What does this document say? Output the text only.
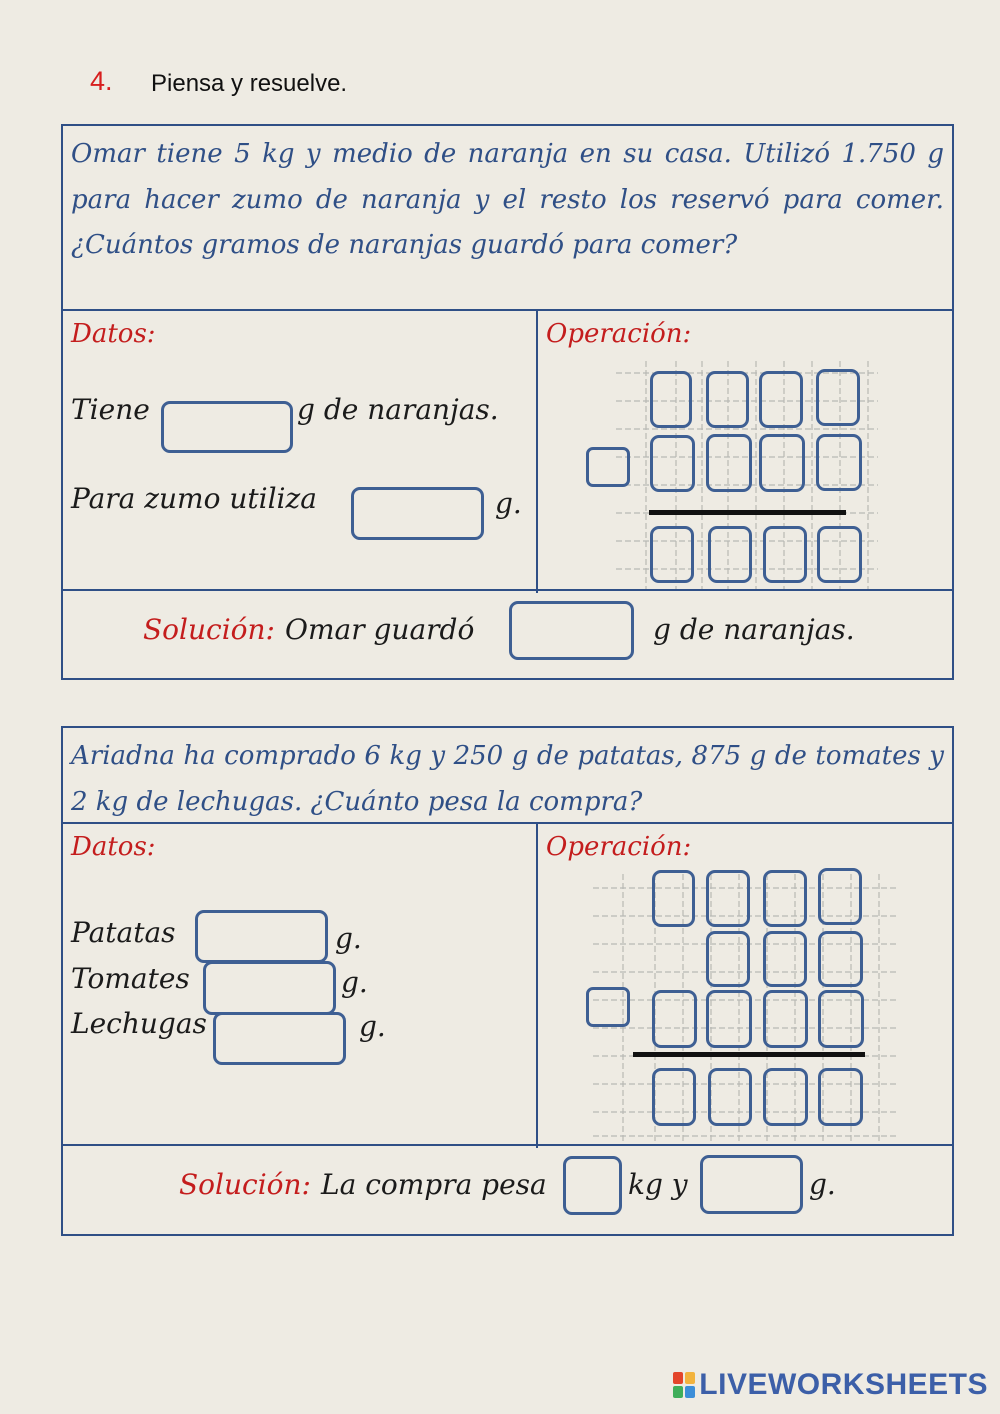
4. Piensa y resuelve.
Omar tiene 5 kg y medio de naranja en su casa. Utilizó 1.750 g para hacer zumo de naranja y el resto los reservó para comer. ¿Cuántos gramos de naranjas guardó para comer?
Datos:
Tiene	g de naranjas.
Para zumo utiliza	g.
Operación:
Solución: Omar guardó	g de naranjas.
Ariadna ha comprado 6 kg y 250 g de patatas, 875 g de tomates y 2 kg de lechugas. ¿Cuánto pesa la compra?
Datos:
Patatas	g.
Tomates	g.
Lechugas	g.
Operación:
Solución: La compra pesa	kg y	g.
LIVEWORKSHEETS
